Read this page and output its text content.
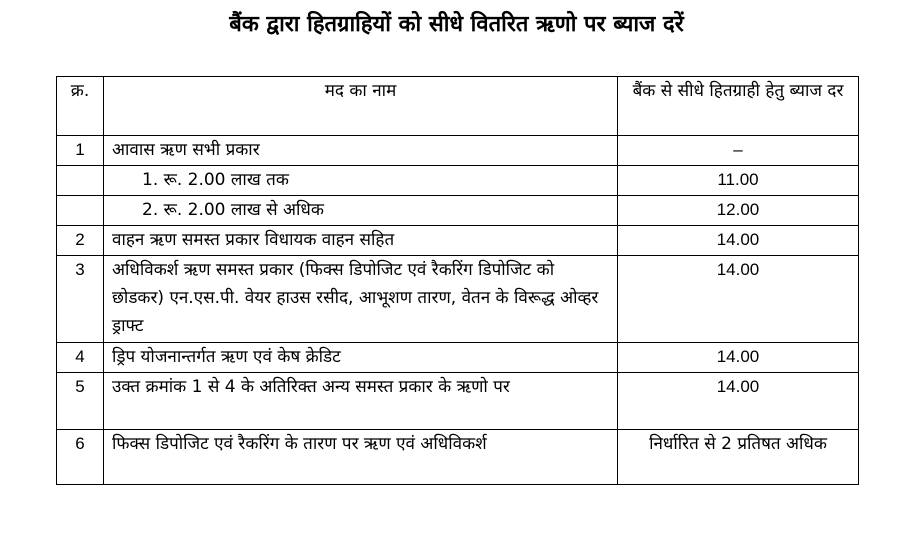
बैंक द्वारा हितग्राहियों को सीधे वितरित ऋणो पर ब्याज दरें
क्र.	मद का नाम	बैंक से सीधे हितग्राही हेतु ब्याज दर
1	आवास ऋण सभी प्रकार	–
	1. रू. 2.00 लाख तक	11.00
	2. रू. 2.00 लाख से अधिक	12.00
2	वाहन ऋण समस्त प्रकार विधायक वाहन सहित	14.00
3	अधिविकर्श ऋण समस्त प्रकार (फिक्स डिपोजिट एवं रैकरिंग डिपोजिट को छोडकर) एन.एस.पी. वेयर हाउस रसीद, आभूशण तारण, वेतन के विरूद्ध ओव्हर ड्राफ्ट	14.00
4	ड्रिप योजनान्तर्गत ऋण एवं केष क्रेडिट	14.00
5	उक्त क्रमांक 1 से 4 के अतिरिक्त अन्य समस्त प्रकार के ऋणो पर	14.00
6	फिक्स डिपोजिट एवं रैकरिंग के तारण पर ऋण एवं अधिविकर्श	निर्धारित से 2 प्रतिषत अधिक
